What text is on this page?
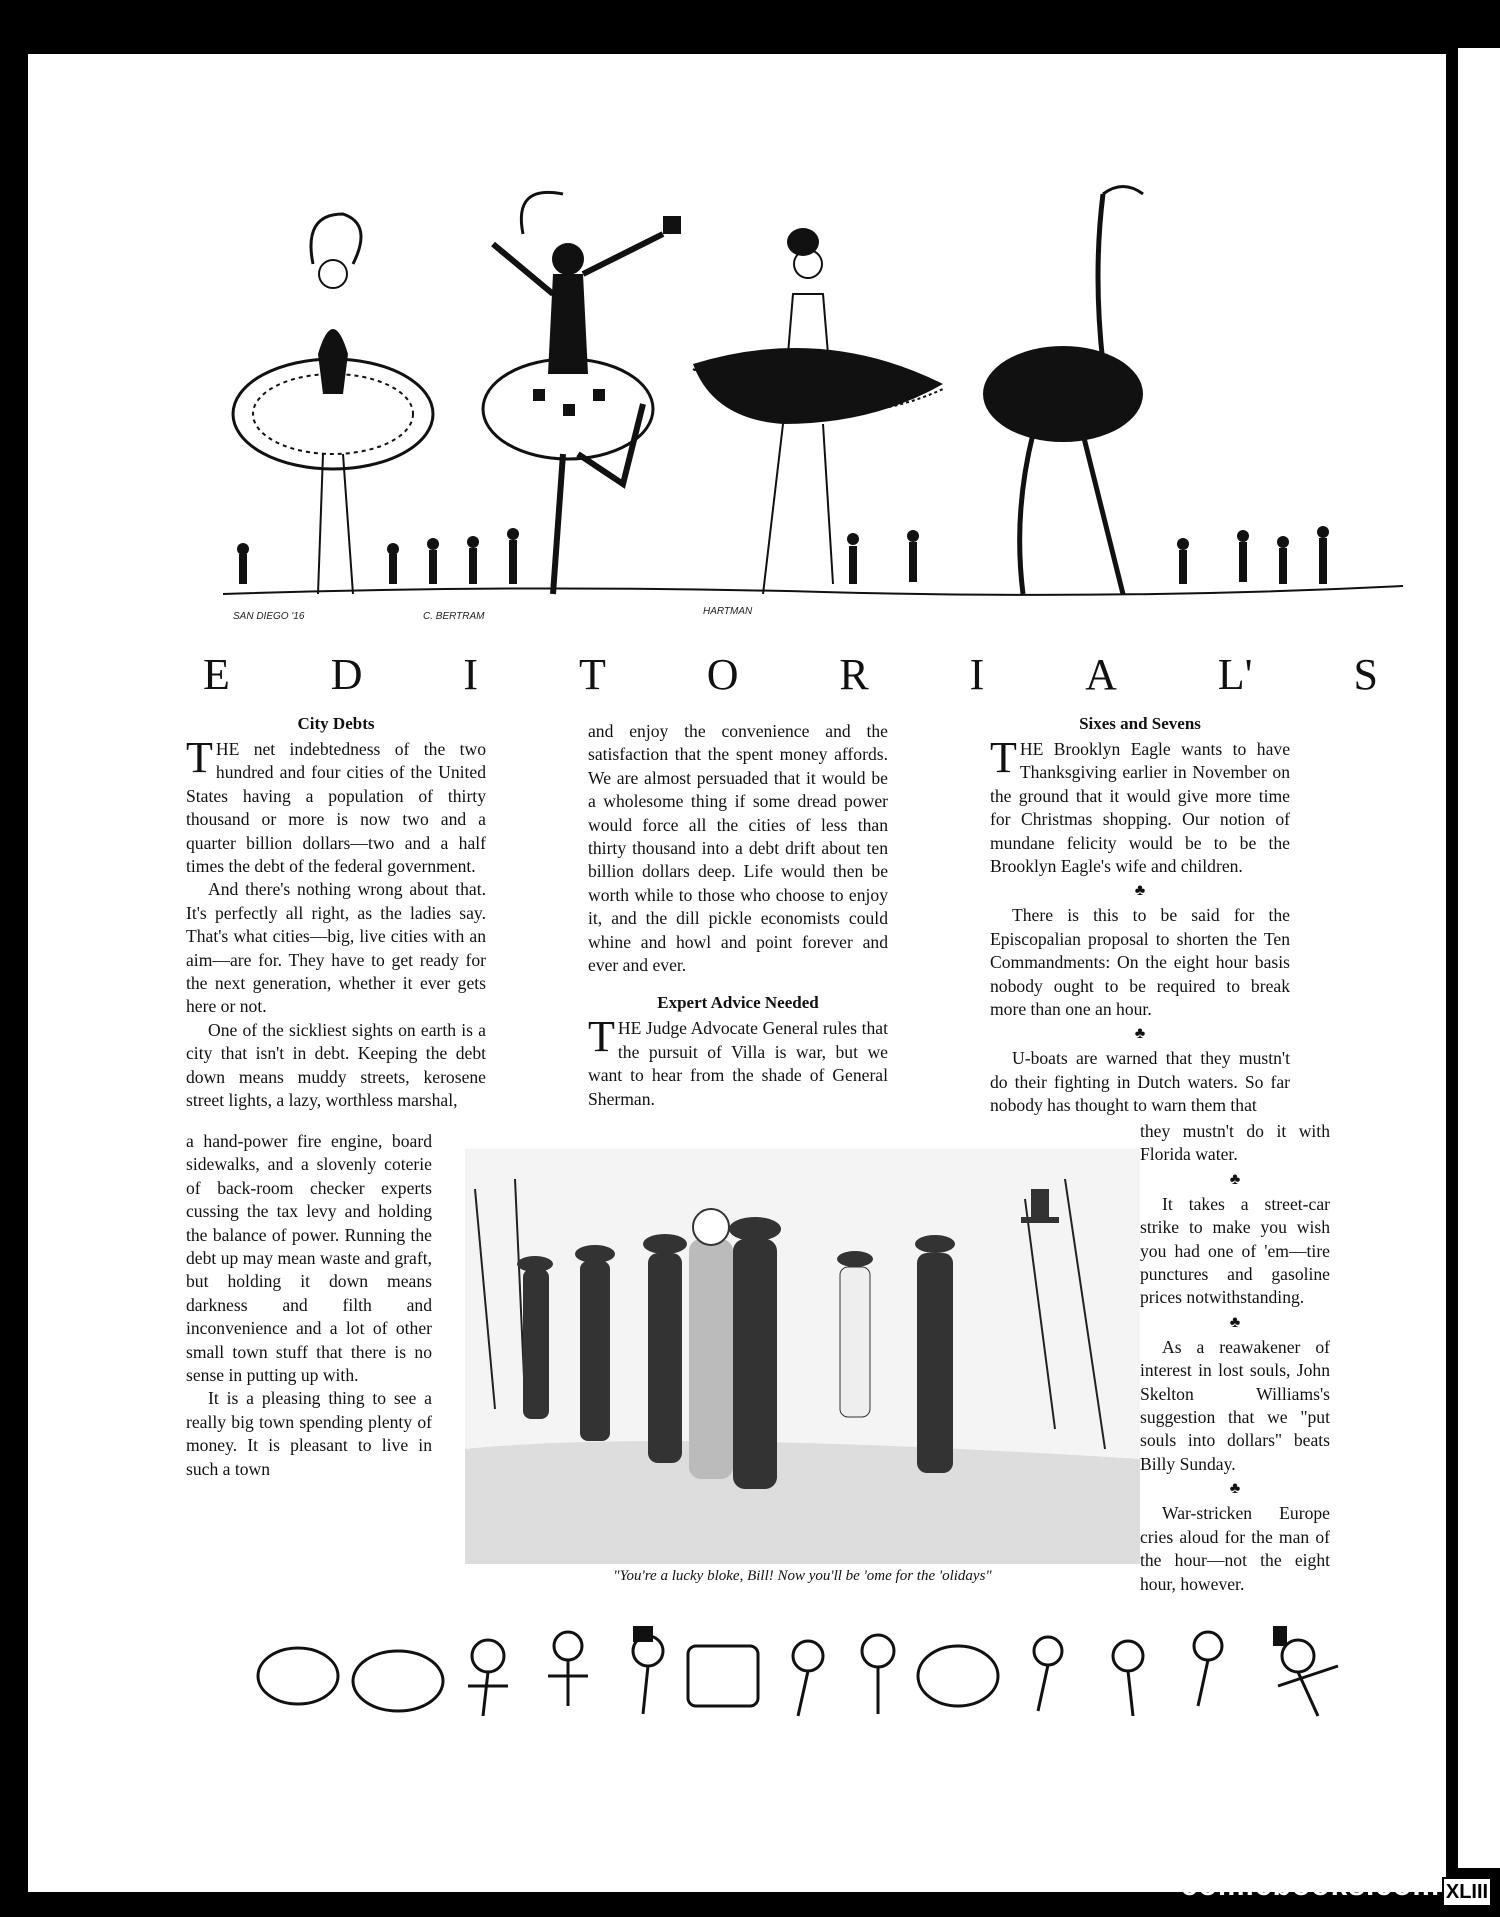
SAN DIEGO '16	C. BERTRAM	HARTMAN
E D I T O R I A L' S
City Debts

THE net indebtedness of the two hundred and four cities of the United States having a population of thirty thousand or more is now two and a quarter billion dollars—two and a half times the debt of the federal government.

And there's nothing wrong about that. It's perfectly all right, as the ladies say. That's what cities—big, live cities with an aim—are for. They have to get ready for the next generation, whether it ever gets here or not.

One of the sickliest sights on earth is a city that isn't in debt. Keeping the debt down means muddy streets, kerosene street lights, a lazy, worthless marshal,

a hand-power fire engine, board sidewalks, and a slovenly coterie of back-room checker experts cussing the tax levy and holding the balance of power. Running the debt up may mean waste and graft, but holding it down means darkness and filth and inconvenience and a lot of other small town stuff that there is no sense in putting up with.

It is a pleasing thing to see a really big town spending plenty of money. It is pleasant to live in such a town

and enjoy the convenience and the satisfaction that the spent money affords. We are almost persuaded that it would be a wholesome thing if some dread power would force all the cities of less than thirty thousand into a debt drift about ten billion dollars deep. Life would then be worth while to those who choose to enjoy it, and the dill pickle economists could whine and howl and point forever and ever and ever.

Expert Advice Needed

THE Judge Advocate General rules that the pursuit of Villa is war, but we want to hear from the shade of General Sherman.

Sixes and Sevens

THE Brooklyn Eagle wants to have Thanksgiving earlier in November on the ground that it would give more time for Christmas shopping. Our notion of mundane felicity would be to be the Brooklyn Eagle's wife and children.

♣

There is this to be said for the Episcopalian proposal to shorten the Ten Commandments: On the eight hour basis nobody ought to be required to break more than one an hour.

♣

U-boats are warned that they mustn't do their fighting in Dutch waters. So far nobody has thought to warn them that

they mustn't do it with Florida water.

♣

It takes a street-car strike to make you wish you had one of 'em—tire punctures and gasoline prices notwithstanding.

♣

As a reawakener of interest in lost souls, John Skelton Williams's suggestion that we "put souls into dollars" beats Billy Sunday.

♣

War-stricken Europe cries aloud for the man of the hour—not the eight hour, however.

"You're a lucky bloke, Bill! Now you'll be 'ome for the 'olidays"
comicbooks.com XLIII
